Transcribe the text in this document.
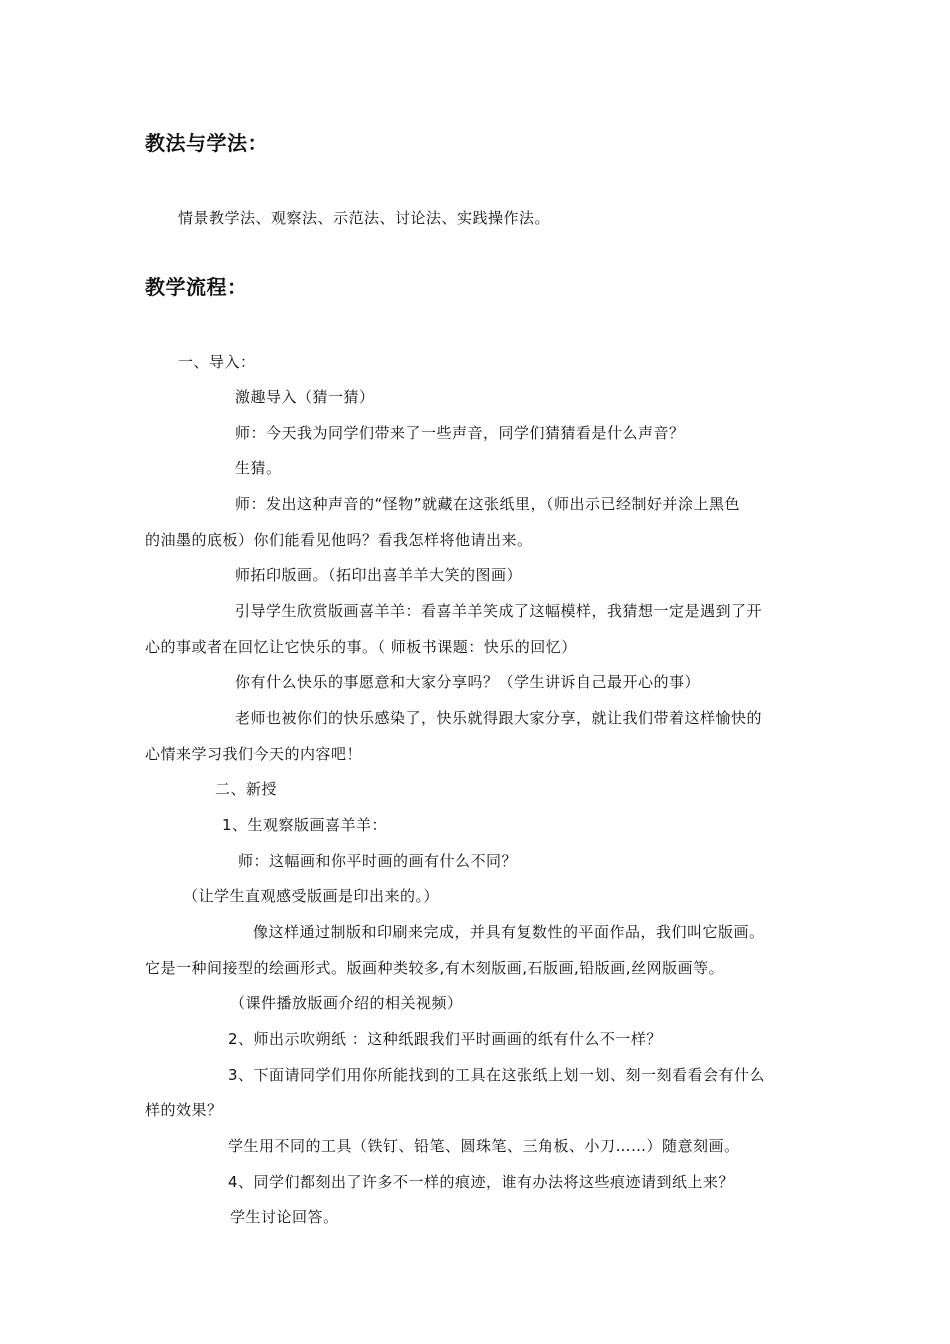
教法与学法：
情景教学法、观察法、示范法、讨论法、实践操作法。
教学流程：
一、导入：
激趣导入（猜一猜）
师：今天我为同学们带来了一些声音，同学们猜猜看是什么声音？
生猜。
师：发出这种声音的“怪物”就藏在这张纸里，（师出示已经制好并涂上黑色
的油墨的底板）你们能看见他吗？看我怎样将他请出来。
师拓印版画。（拓印出喜羊羊大笑的图画）
引导学生欣赏版画喜羊羊：看喜羊羊笑成了这幅模样，我猜想一定是遇到了开
心的事或者在回忆让它快乐的事。（ 师板书课题：快乐的回忆）
你有什么快乐的事愿意和大家分享吗？（学生讲诉自己最开心的事）
老师也被你们的快乐感染了，快乐就得跟大家分享，就让我们带着这样愉快的
心情来学习我们今天的内容吧！
二、新授
1、生观察版画喜羊羊：
师：这幅画和你平时画的画有什么不同？
（让学生直观感受版画是印出来的。）
像这样通过制版和印刷来完成，并具有复数性的平面作品，我们叫它版画。
它是一种间接型的绘画形式。版画种类较多,有木刻版画,石版画,铅版画,丝网版画等。
（课件播放版画介绍的相关视频）
2、师出示吹朔纸 ：这种纸跟我们平时画画的纸有什么不一样？
3、下面请同学们用你所能找到的工具在这张纸上划一划、刻一刻看看会有什么
样的效果？
学生用不同的工具（铁钉、铅笔、圆珠笔、三角板、小刀……）随意刻画。
4、同学们都刻出了许多不一样的痕迹，谁有办法将这些痕迹请到纸上来？
学生讨论回答。
